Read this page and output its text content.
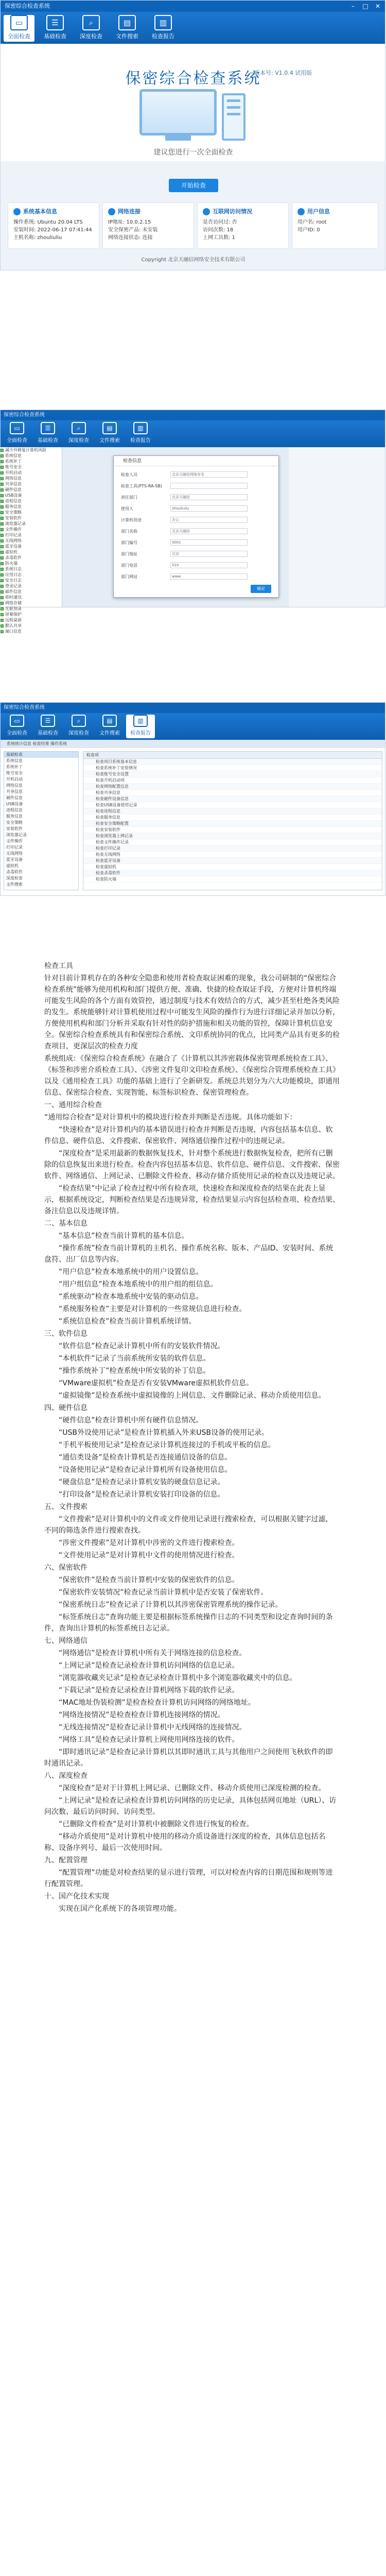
保密综合检查系统	–	□	✕
▭
全面检查
☰
基础检查
⌕
深度检查
▤
文件搜索
▥
检查报告
保密综合检查系统
版本号: V1.0.4 试用版
建议您进行一次全面检查
开始检查
系统基本信息
操作系统: Ubuntu 20.04 LTS
安装时间: 2022-06-17 07:41:44
主机名称: zhouliuliu
网络连接
IP地址: 10.0.2.15
安全保密产品: 未安装
网络连接状态: 连接
互联网访问情况
是否访问过: 否
访问次数: 18
上网工具数: 1
用户信息
用户名: root
用户ID: 0
Copyright 北京天融信网络安全技术有限公司
保密综合检查系统
▭
全面检查
☰
基础检查
⌕
深度检查
▤
文件搜索
▥
检查报告
减少并修复计算机风险
系统信息
系统补丁
账号安全
开机启动
网络信息
共享信息
硬件信息
USB设备
进程信息
服务信息
安全策略
安装软件
浏览器记录
文件操作
打印记录
无线网络
蓝牙设备
虚拟机
杀毒软件
防火墙
系统日志
应用日志
安全日志
登录记录
邮件信息
即时通讯
网络存储
光驱刻录
屏幕保护
远程桌面
默认共享
端口信息
检查信息
检查人员	北京天融信网络安全
检查工具(PTS-RA-SB)
责任部门	北京天融信
使用人	zhouliuliu
计算机用途	办公
部门名称	北京天融信
部门编号	0001
部门地址	北京
部门电话	010
部门网站	www
确定
保密综合检查系统
▭
全面检查
☰
基础检查
⌕
深度检查
▤
文件搜索
▥
检查报告
系统统计信息 检查结果 操作系统
基础检查
系统信息
系统补丁
账号安全
开机启动
网络信息
共享信息
硬件信息
USB设备
进程信息
服务信息
安全策略
安装软件
浏览器记录
文件操作
打印记录
无线网络
蓝牙设备
虚拟机
杀毒软件
深度检查
文件搜索
检查项
检查项目系统基本信息
检查系统补丁安装情况
检查账号安全设置
检查开机启动项
检查网络配置信息
检查共享信息
检查硬件设备信息
检查USB设备使用记录
检查进程信息
检查服务信息
检查安全策略配置
检查安装软件
检查浏览器上网记录
检查文件操作记录
检查打印记录
检查无线网络
检查蓝牙设备
检查虚拟机
检查杀毒软件
检查防火墙

检查工具

针对目前计算机存在的各种安全隐患和使用者检查取证困难的现象，我公司研制的“保密综合检查系统”能够为使用机构和部门提供方便、准确、快捷的检查取证手段，方便对计算机终端可能发生风险的各个方面有效管控，通过制度与技术有效结合的方式，减少甚至杜绝各类风险的发生。系统能够针对计算机使用过程中可能发生风险的操作行为进行详细记录并加以分析，方便使用机构和部门分析并采取有针对性的防护措施和相关功能的管控，保障计算机信息安全。保密综合检查系统具有和保密综合系统、文印系统协同的优点，比同类产品具有更多的检查项目，更深层次的检查力度

系统组成：《保密综合检查系统》在融合了《计算机以其涉密载体保密管理系统检查工具》、《标签和涉密介质检查工具》、《涉密文件复印文印检查系统》、《保密综合管理系统检查工具》以及《通用检查工具》功能的基础上进行了全新研发。系统总共划分为六大功能模块，即通用信息、保密综合检查、实现智能、标签标识检查、保密管理检查。

一、通用综合检查

“通用综合检查”是对计算机中的模块进行检查并判断是否违规。具体功能如下：

“快速检查”是对计算机内的基本错误进行检查并判断是否违规，内容包括基本信息、软件信息、硬件信息、文件搜索、保密软件、网络通信操作过程中的违规记录。

“深度检查”是采用最新的数据恢复技术，针对整个系统进行数据恢复检查，把所有已删除的信息恢复出来进行检查。检查内容包括基本信息、软件信息、硬件信息、文件搜索、保密软件、网络通信、上网记录、已删除文件检查、移动存储介质使用记录的检查以及违规记录。

“检查结果”中记录了检查过程中所有检查项，快速检查和深度检查的结果在此表上显示，根据系统设定，判断检查结果是否违规异常，检查结果显示内容包括检查项、检查结果、备注信息以及违规详情。

二、基本信息

“基本信息”检查当前计算机的基本信息。

“操作系统”检查当前计算机的主机名、操作系统名称、版本、产品ID、安装时间、系统盘符、出厂信息等内容。

“用户信息”检查本地系统中的用户设置信息。

“用户组信息”检查本地系统中的用户组的组信息。

“系统驱动”检查本地系统中安装的驱动信息。

“系统服务检查”主要是对计算机的一些常规信息进行检查。

“系统信息检查”检查当前计算机系统详情。

三、软件信息

“软件信息”检查记录计算机中所有的安装软件情况。

“本机软件”记录了当前系统所安装的软件信息。

“操作系统补丁”检查系统中所安装的补丁信息。

“VMware虚拟机”检查是否有安装VMware虚拟机软件信息。

“虚拟镜像”是检查系统中虚拟镜像的上网信息、文件删除记录、移动介质使用信息。

四、硬件信息

“硬件信息”检查计算机中所有硬件信息情况。

“USB外设使用记录”是检查计算机插入外来USB设备的使用记录。

“手机平板使用记录”是检查记录计算机连接过的手机或平板的信息。

“通信类设备”是检查计算机是否连接通信设备的信息。

“设备使用记录”是检查记录计算机所有设备使用信息。

“硬盘信息”是检查记录计算机安装的硬盘信息记录。

“打印设备”是检查记录计算机安装打印设备的信息。

五、文件搜索

“文件搜索”是对计算机中的文件或文件使用记录进行搜索检查，可以根据关键字过滤，不同的筛选条件进行搜索查找。

“涉密文件搜索”是对计算机中涉密的文件进行搜索检查。

“文件使用记录”是对计算机中文件的使用情况进行检查。

六、保密软件

“保密软件”是检查当前计算机中安装的保密软件的信息。

“保密软件安装情况”检查记录当前计算机中是否安装了保密软件。

“保密系统日志”检查记录了计算机以其涉密保密管理系统的操作记录。

“标签系统日志”查询功能主要是根据标签系统操作日志的不同类型和设定查询时间的条件，查询出计算机的标签系统日志记录。

七、网络通信

“网络通信”是检查计算机中所有关于网络连接的信息检查。

“上网记录”是检查记录检查计算机访问网络的信息记录。

“浏览器收藏夹记录”是检查记录检查计算机中多个浏览器收藏夹中的信息。

“下载记录”是检查记录检查计算机网络下载的软件记录。

“MAC地址伪装检测”是检查检查计算机访问网络的网络地址。

“网络连接情况”是检查检查计算机连接网络的情况。

“无线连接情况”是检查记录计算机中无线网络的连接情况。

“网络工具”是检查记录计算机上网使用网络连接的软件。

“即时通讯记录”是检查记录计算机以其即时通讯工具与其他用户之间使用飞秋软件的即时通讯记录。

八、深度检查

“深度检查”是对于计算机上网记录、已删除文件、移动介质使用已深度检测的检查。

“上网记录”是检查记录检查计算机访问网络的历史记录，具体包括网页地址（URL）、访问次数、最后访问时间、访问类型。

“已删除文件检查”是对计算机中被删除文件进行恢复的检查。

“移动介质使用”是对计算机中使用的移动介质设备进行深度的检查，具体信息包括名称、设备序列号、最后一次使用时间。

九、配置管理

“配置管理”功能是对检查结果的显示进行管理，可以对检查内容的日期范围和规则等进行配置管理。

十、国产化技术实现

实现在国产化系统下的各项管理功能。
